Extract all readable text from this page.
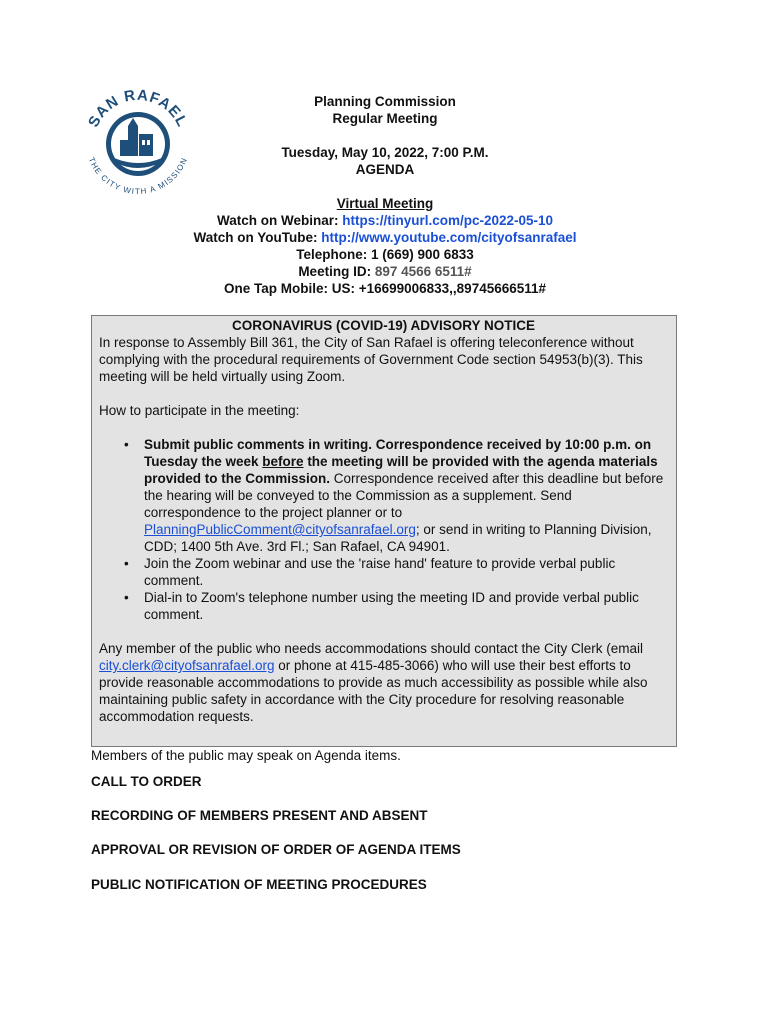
SAN RAFAEL
THE CITY WITH A MISSION
Planning Commission
Regular Meeting
Tuesday, May 10, 2022, 7:00 P.M.
AGENDA
Virtual Meeting
Watch on Webinar: https://tinyurl.com/pc-2022-05-10
Watch on YouTube: http://www.youtube.com/cityofsanrafael
Telephone: 1 (669) 900 6833
Meeting ID: 897 4566 6511#
One Tap Mobile: US: +16699006833,,89745666511#
CORONAVIRUS (COVID-19) ADVISORY NOTICE

In response to Assembly Bill 361, the City of San Rafael is offering teleconference without complying with the procedural requirements of Government Code section 54953(b)(3). This meeting will be held virtually using Zoom.

How to participate in the meeting:

• Submit public comments in writing. Correspondence received by 10:00 p.m. on Tuesday the week before the meeting will be provided with the agenda materials provided to the Commission. Correspondence received after this deadline but before the hearing will be conveyed to the Commission as a supplement. Send correspondence to the project planner or to PlanningPublicComment@cityofsanrafael.org; or send in writing to Planning Division, CDD; 1400 5th Ave. 3rd Fl.; San Rafael, CA 94901.
• Join the Zoom webinar and use the 'raise hand' feature to provide verbal public comment.
• Dial-in to Zoom's telephone number using the meeting ID and provide verbal public comment.

Any member of the public who needs accommodations should contact the City Clerk (email city.clerk@cityofsanrafael.org or phone at 415-485-3066) who will use their best efforts to provide reasonable accommodations to provide as much accessibility as possible while also maintaining public safety in accordance with the City procedure for resolving reasonable accommodation requests.

Members of the public may speak on Agenda items.
CALL TO ORDER
RECORDING OF MEMBERS PRESENT AND ABSENT
APPROVAL OR REVISION OF ORDER OF AGENDA ITEMS
PUBLIC NOTIFICATION OF MEETING PROCEDURES
